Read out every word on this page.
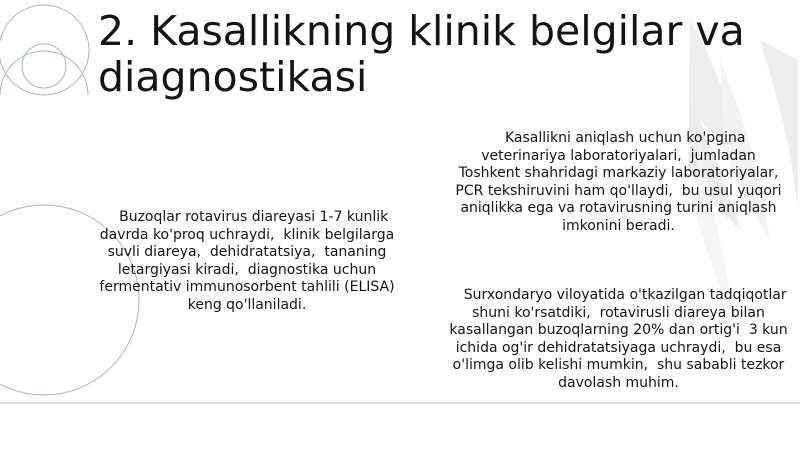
2. Kasallikning klinik belgilar va diagnostikasi

Buzoqlar rotavirus diareyasi 1-7 kunlik davrda ko'proq uchraydi,  klinik belgilarga suvli diareya,  dehidratatsiya,  tananing letargiyasi kiradi,  diagnostika uchun fermentativ immunosorbent tahlili (ELISA) keng qo'llaniladi.

Kasallikni aniqlash uchun ko'pgina veterinariya laboratoriyalari,  jumladan Toshkent shahridagi markaziy laboratoriyalar,  PCR tekshiruvini ham qo'llaydi,  bu usul yuqori aniqlikka ega va rotavirusning turini aniqlash imkonini beradi.

Surxondaryo viloyatida o'tkazilgan tadqiqotlar shuni ko'rsatdiki,  rotavirusli diareya bilan kasallangan buzoqlarning 20% dan ortig'i  3 kun ichida og'ir dehidratatsiyaga uchraydi,  bu esa o'limga olib kelishi mumkin,  shu sababli tezkor davolash muhim.
